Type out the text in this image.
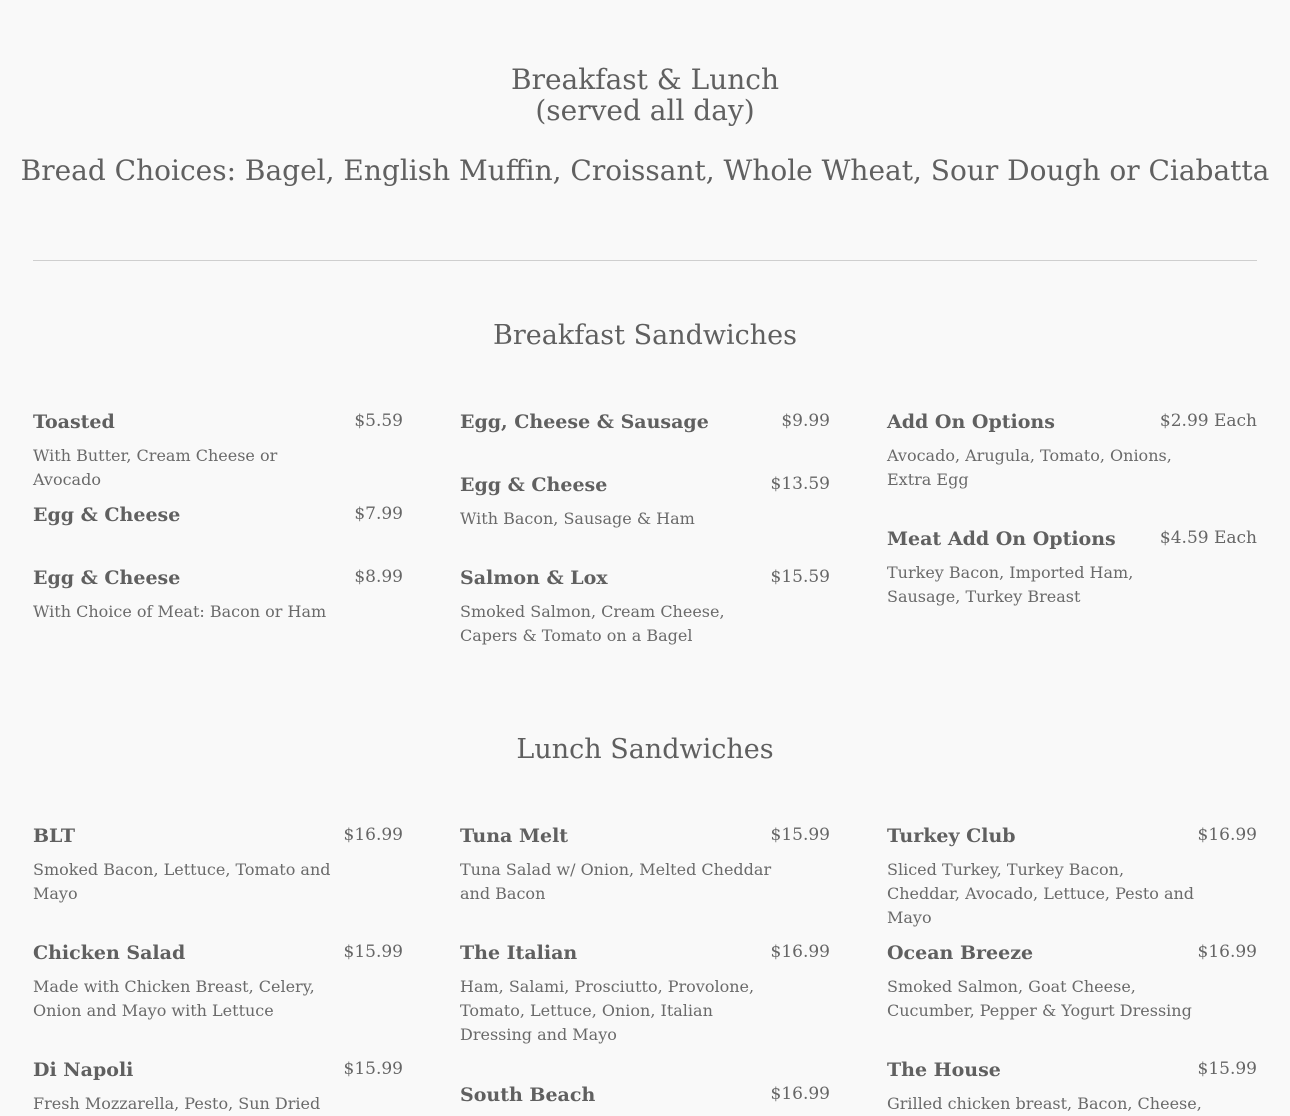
Breakfast & Lunch
(served all day)
Bread Choices: Bagel, English Muffin, Croissant, Whole Wheat, Sour Dough or Ciabatta
Breakfast Sandwiches
Toasted	$5.59
With Butter, Cream Cheese or Avocado
Egg & Cheese	$7.99
Egg & Cheese	$8.99
With Choice of Meat: Bacon or Ham
Egg, Cheese & Sausage	$9.99
Egg & Cheese	$13.59
With Bacon, Sausage & Ham
Salmon & Lox	$15.59
Smoked Salmon, Cream Cheese, Capers & Tomato on a Bagel
Add On Options	$2.99 Each
Avocado, Arugula, Tomato, Onions, Extra Egg
Meat Add On Options	$4.59 Each
Turkey Bacon, Imported Ham, Sausage, Turkey Breast
Lunch Sandwiches
BLT	$16.99
Smoked Bacon, Lettuce, Tomato and Mayo
Chicken Salad	$15.99
Made with Chicken Breast, Celery, Onion and Mayo with Lettuce
Di Napoli	$15.99
Fresh Mozzarella, Pesto, Sun Dried
Tuna Melt	$15.99
Tuna Salad w/ Onion, Melted Cheddar and Bacon
The Italian	$16.99
Ham, Salami, Prosciutto, Provolone, Tomato, Lettuce, Onion, Italian Dressing and Mayo
South Beach	$16.99
Turkey Club	$16.99
Sliced Turkey, Turkey Bacon, Cheddar, Avocado, Lettuce, Pesto and Mayo
Ocean Breeze	$16.99
Smoked Salmon, Goat Cheese, Cucumber, Pepper & Yogurt Dressing
The House	$15.99
Grilled chicken breast, Bacon, Cheese,
